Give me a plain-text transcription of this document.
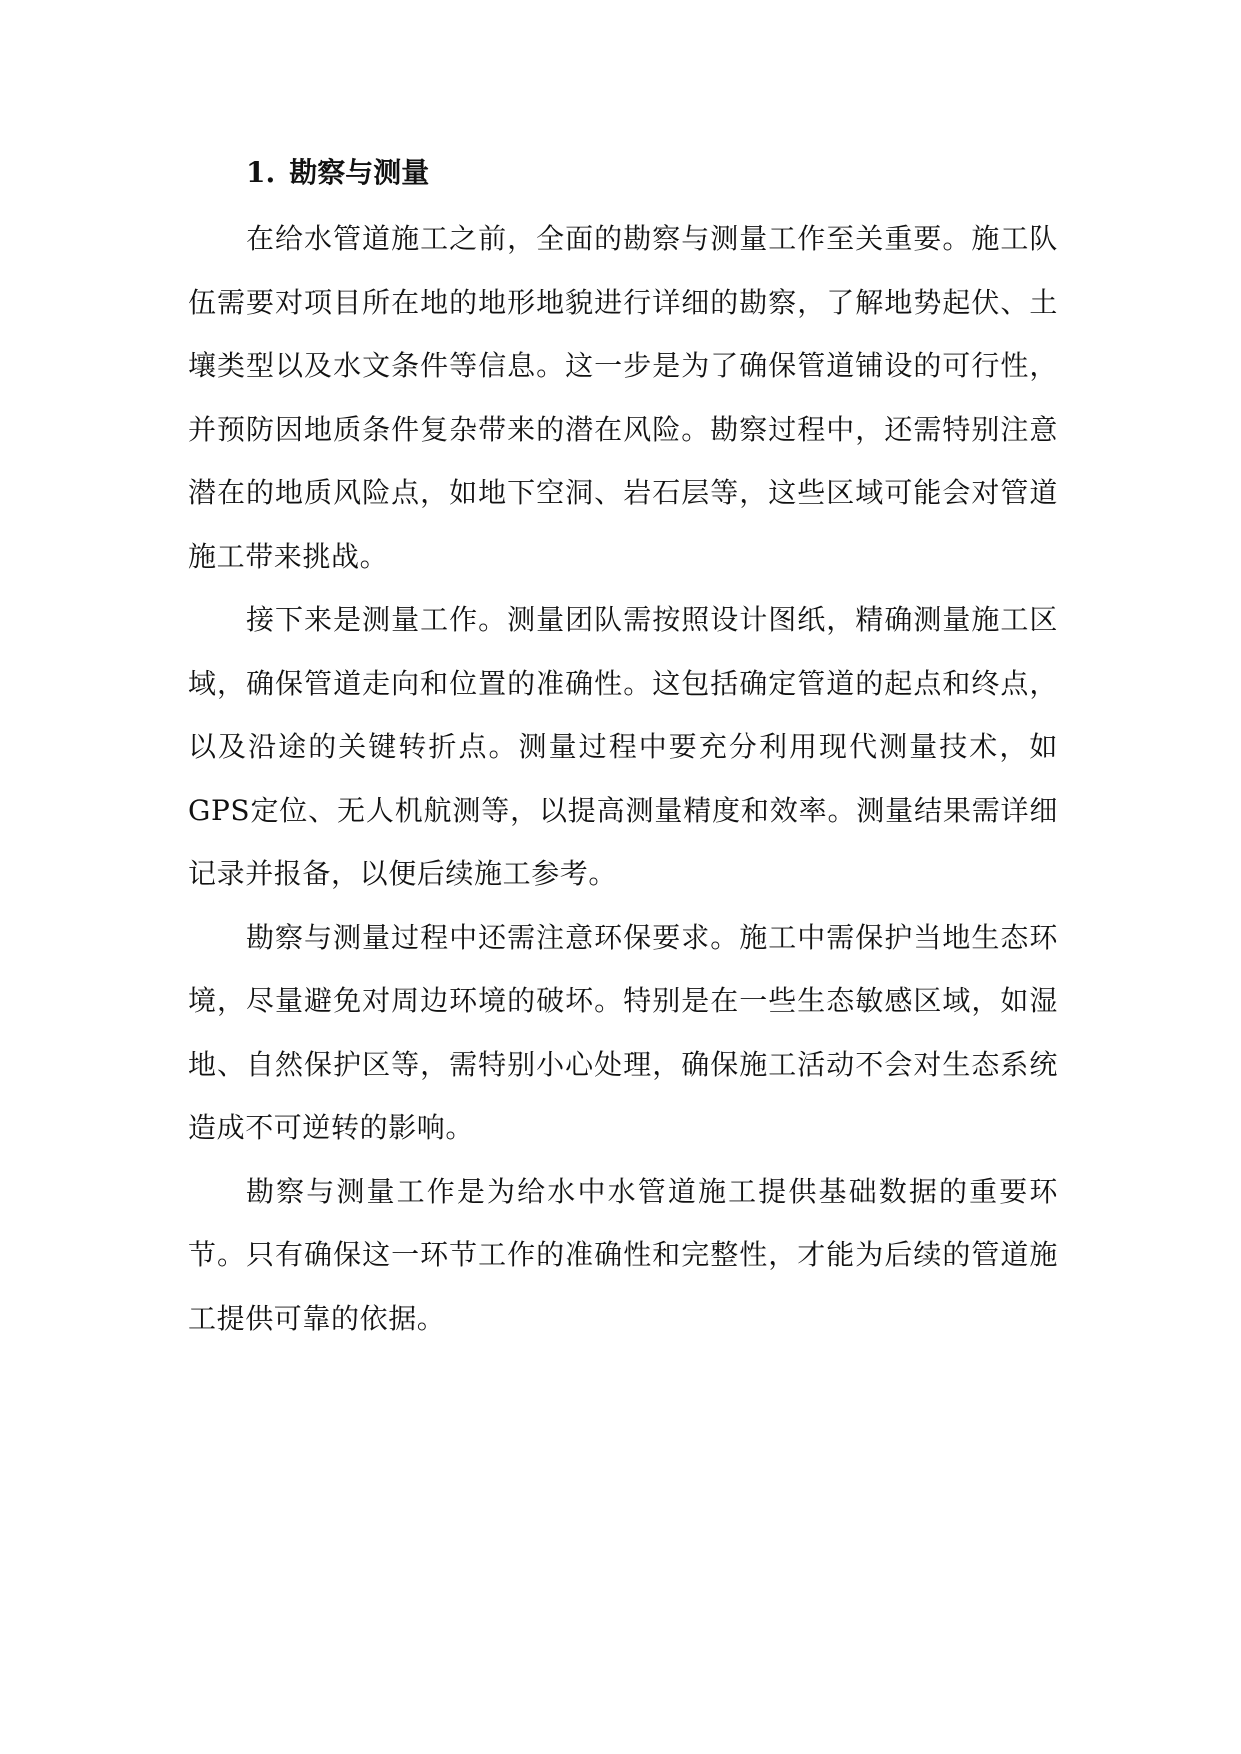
1. 勘察与测量

在给水管道施工之前，全面的勘察与测量工作至关重要。施工队伍需要对项目所在地的地形地貌进行详细的勘察，了解地势起伏、土壤类型以及水文条件等信息。这一步是为了确保管道铺设的可行性，并预防因地质条件复杂带来的潜在风险。勘察过程中，还需特别注意潜在的地质风险点，如地下空洞、岩石层等，这些区域可能会对管道施工带来挑战。

接下来是测量工作。测量团队需按照设计图纸，精确测量施工区域，确保管道走向和位置的准确性。这包括确定管道的起点和终点，以及沿途的关键转折点。测量过程中要充分利用现代测量技术，如GPS定位、无人机航测等，以提高测量精度和效率。测量结果需详细记录并报备，以便后续施工参考。

勘察与测量过程中还需注意环保要求。施工中需保护当地生态环境，尽量避免对周边环境的破坏。特别是在一些生态敏感区域，如湿地、自然保护区等，需特别小心处理，确保施工活动不会对生态系统造成不可逆转的影响。

勘察与测量工作是为给水中水管道施工提供基础数据的重要环节。只有确保这一环节工作的准确性和完整性，才能为后续的管道施工提供可靠的依据。
